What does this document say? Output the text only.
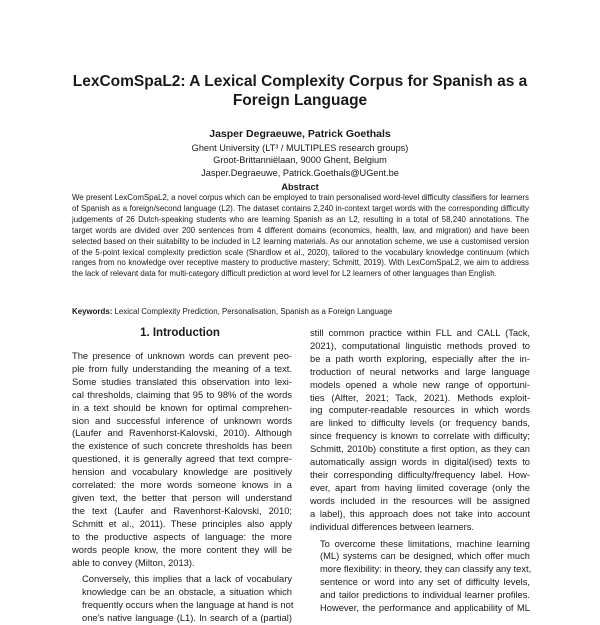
LexComSpaL2: A Lexical Complexity Corpus for Spanish as a
Foreign Language
Jasper Degraeuwe, Patrick Goethals
Ghent University (LT³ / MULTIPLES research groups)
Groot-Brittanniëlaan, 9000 Ghent, Belgium
Jasper.Degraeuwe, Patrick.Goethals@UGent.be
Abstract
We present LexComSpaL2, a novel corpus which can be employed to train personalised word-level difficulty classifiers for learners of Spanish as a foreign/second language (L2). The dataset contains 2,240 in-context target words with the corresponding difficulty judgements of 26 Dutch-speaking students who are learning Spanish as an L2, resulting in a total of 58,240 annotations. The target words are divided over 200 sentences from 4 different domains (economics, health, law, and migration) and have been selected based on their suitability to be included in L2 learning materials. As our annotation scheme, we use a customised version of the 5-point lexical complexity prediction scale (Shardlow et al., 2020), tailored to the vocabulary knowledge continuum (which ranges from no knowledge over receptive mastery to productive mastery; Schmitt, 2019). With LexComSpaL2, we aim to address the lack of relevant data for multi-category difficult prediction at word level for L2 learners of other languages than English.
Keywords: Lexical Complexity Prediction, Personalisation, Spanish as a Foreign Language
1. Introduction

The presence of unknown words can prevent peo-
ple from fully understanding the meaning of a text.
Some studies translated this observation into lexi-
cal thresholds, claiming that 95 to 98% of the words
in a text should be known for optimal comprehen-
sion and successful inference of unknown words
(Laufer and Ravenhorst-Kalovski, 2010). Although
the existence of such concrete thresholds has been
questioned, it is generally agreed that text compre-
hension and vocabulary knowledge are positively
correlated: the more words someone knows in a
given text, the better that person will understand
the text (Laufer and Ravenhorst-Kalovski, 2010;
Schmitt et al., 2011). These principles also apply
to the productive aspects of language: the more
words people know, the more content they will be
able to convey (Milton, 2013).

Conversely, this implies that a lack of vocabulary
knowledge can be an obstacle, a situation which
frequently occurs when the language at hand is not
one's native language (L1). In search of a (partial)

still common practice within FLL and CALL (Tack,
2021), computational linguistic methods proved to
be a path worth exploring, especially after the in-
troduction of neural networks and large language
models opened a whole new range of opportuni-
ties (Alfter, 2021; Tack, 2021). Methods exploit-
ing computer-readable resources in which words
are linked to difficulty levels (or frequency bands,
since frequency is known to correlate with difficulty;
Schmitt, 2010b) constitute a first option, as they can
automatically assign words in digital(ised) texts to
their corresponding difficulty/frequency label. How-
ever, apart from having limited coverage (only the
words included in the resources will be assigned
a label), this approach does not take into account
individual differences between learners.

To overcome these limitations, machine learning
(ML) systems can be designed, which offer much
more flexibility: in theory, they can classify any text,
sentence or word into any set of difficulty levels,
and tailor predictions to individual learner profiles.
However, the performance and applicability of ML
